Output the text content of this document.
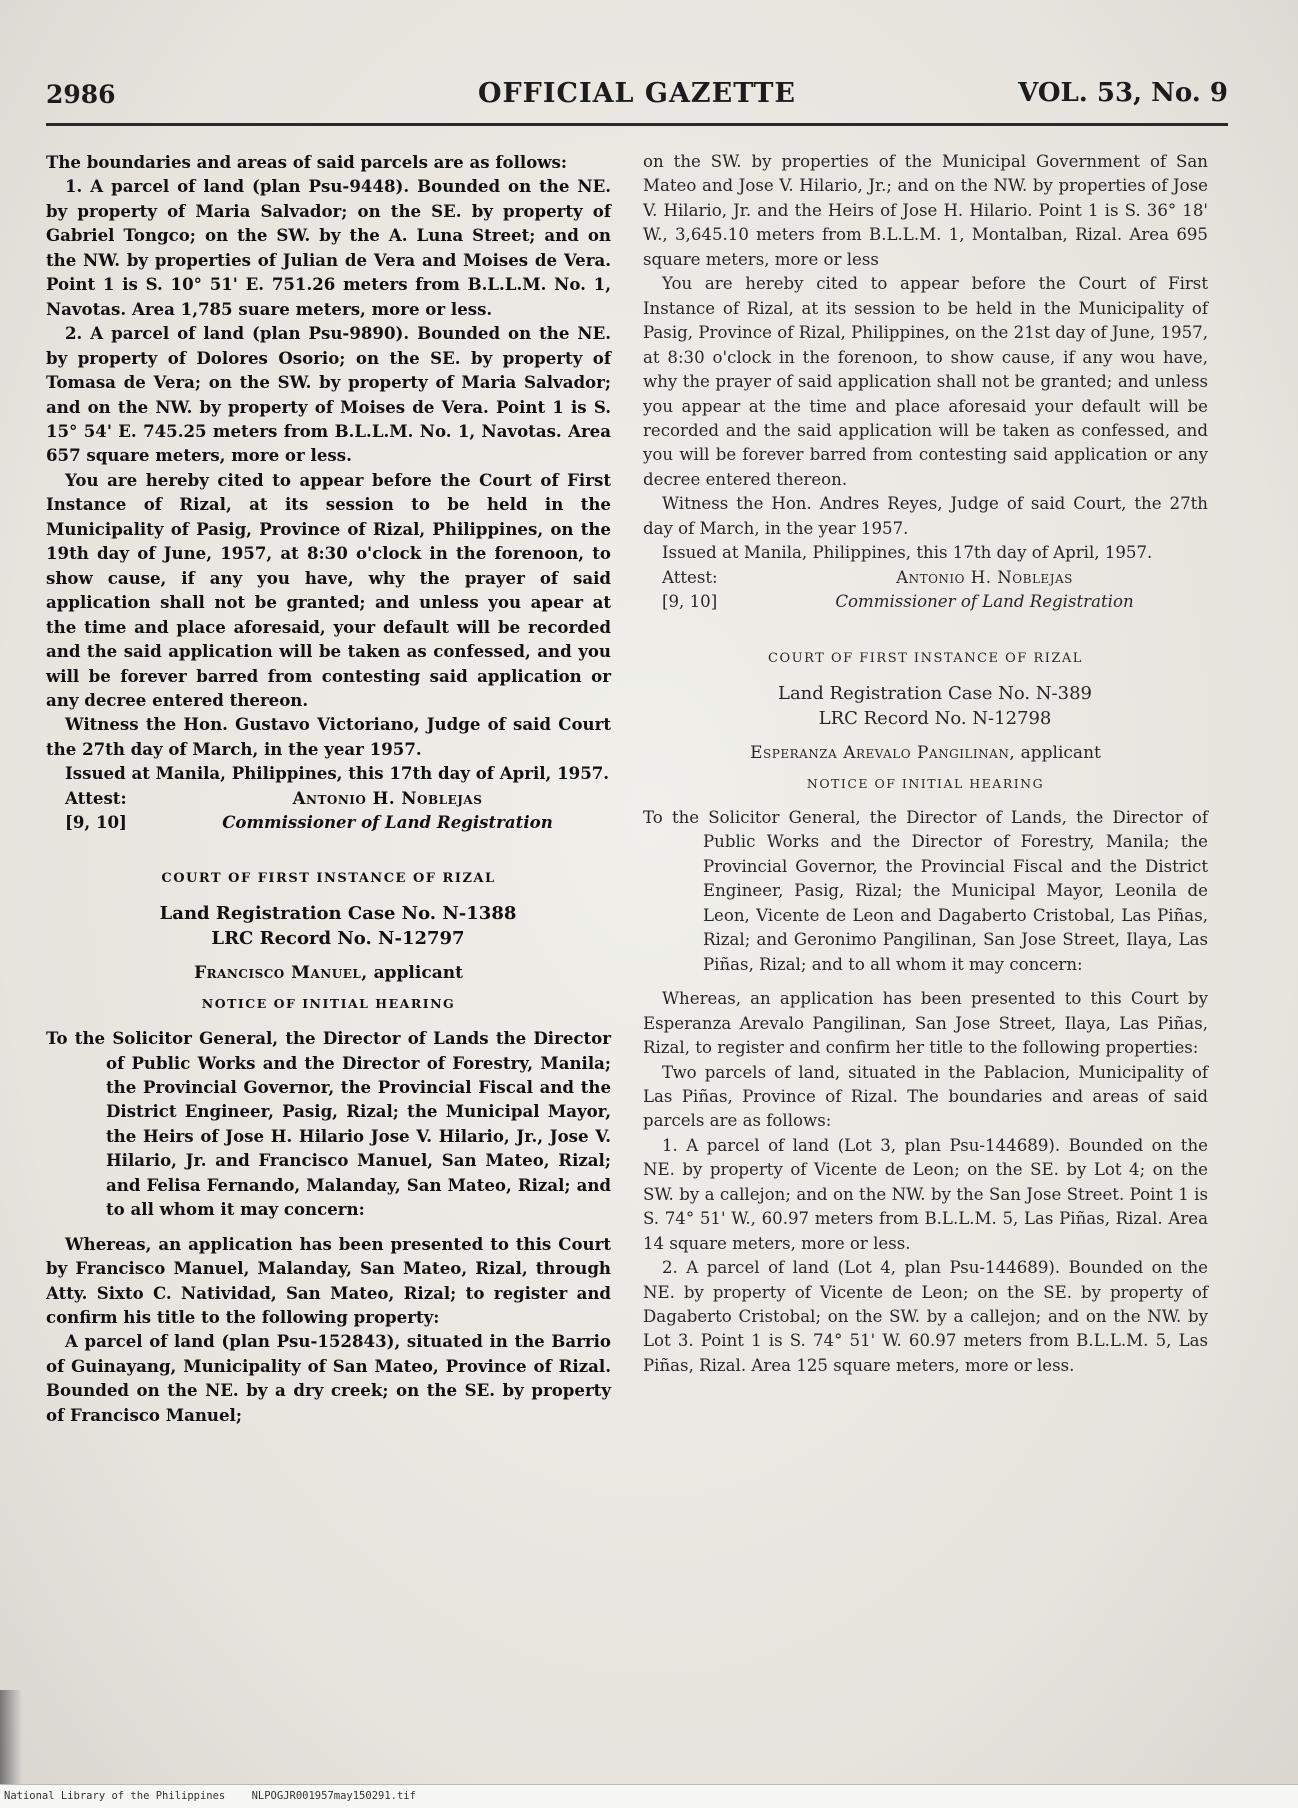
2986	OFFICIAL GAZETTE	VOL. 53, No. 9

The boundaries and areas of said parcels are as follows:

1. A parcel of land (plan Psu-9448). Bounded on the NE. by property of Maria Salvador; on the SE. by property of Gabriel Tongco; on the SW. by the A. Luna Street; and on the NW. by properties of Julian de Vera and Moises de Vera. Point 1 is S. 10° 51' E. 751.26 meters from B.L.L.M. No. 1, Navotas. Area 1,785 suare meters, more or less.

2. A parcel of land (plan Psu-9890). Bounded on the NE. by property of Dolores Osorio; on the SE. by property of Tomasa de Vera; on the SW. by property of Maria Salvador; and on the NW. by property of Moises de Vera. Point 1 is S. 15° 54' E. 745.25 meters from B.L.L.M. No. 1, Navotas. Area 657 square meters, more or less.

You are hereby cited to appear before the Court of First Instance of Rizal, at its session to be held in the Municipality of Pasig, Province of Rizal, Philippines, on the 19th day of June, 1957, at 8:30 o'clock in the forenoon, to show cause, if any you have, why the prayer of said application shall not be granted; and unless you apear at the time and place aforesaid, your default will be recorded and the said application will be taken as confessed, and you will be forever barred from contesting said application or any decree entered thereon.

Witness the Hon. Gustavo Victoriano, Judge of said Court the 27th day of March, in the year 1957.

Issued at Manila, Philippines, this 17th day of April, 1957.

Attest:	Antonio H. Noblejas
[9, 10]	Commissioner of Land Registration
COURT OF FIRST INSTANCE OF RIZAL

Land Registration Case No. N-1388

LRC Record No. N-12797

Francisco Manuel, applicant
NOTICE OF INITIAL HEARING

To the Solicitor General, the Director of Lands the Director of Public Works and the Director of Forestry, Manila; the Provincial Governor, the Provincial Fiscal and the District Engineer, Pasig, Rizal; the Municipal Mayor, the Heirs of Jose H. Hilario Jose V. Hilario, Jr., Jose V. Hilario, Jr. and Francisco Manuel, San Mateo, Rizal; and Felisa Fernando, Malanday, San Mateo, Rizal; and to all whom it may concern:

Whereas, an application has been presented to this Court by Francisco Manuel, Malanday, San Mateo, Rizal, through Atty. Sixto C. Natividad, San Mateo, Rizal; to register and confirm his title to the following property:

A parcel of land (plan Psu-152843), situated in the Barrio of Guinayang, Municipality of San Mateo, Province of Rizal. Bounded on the NE. by a dry creek; on the SE. by property of Francisco Manuel;

on the SW. by properties of the Municipal Government of San Mateo and Jose V. Hilario, Jr.; and on the NW. by properties of Jose V. Hilario, Jr. and the Heirs of Jose H. Hilario. Point 1 is S. 36° 18' W., 3,645.10 meters from B.L.L.M. 1, Montalban, Rizal. Area 695 square meters, more or less

You are hereby cited to appear before the Court of First Instance of Rizal, at its session to be held in the Municipality of Pasig, Province of Rizal, Philippines, on the 21st day of June, 1957, at 8:30 o'clock in the forenoon, to show cause, if any wou have, why the prayer of said application shall not be granted; and unless you appear at the time and place aforesaid your default will be recorded and the said application will be taken as confessed, and you will be forever barred from contesting said application or any decree entered thereon.

Witness the Hon. Andres Reyes, Judge of said Court, the 27th day of March, in the year 1957.

Issued at Manila, Philippines, this 17th day of April, 1957.

Attest:	Antonio H. Noblejas
[9, 10]	Commissioner of Land Registration
COURT OF FIRST INSTANCE OF RIZAL

Land Registration Case No. N-389

LRC Record No. N-12798

Esperanza Arevalo Pangilinan, applicant
NOTICE OF INITIAL HEARING

To the Solicitor General, the Director of Lands, the Director of Public Works and the Director of Forestry, Manila; the Provincial Governor, the Provincial Fiscal and the District Engineer, Pasig, Rizal; the Municipal Mayor, Leonila de Leon, Vicente de Leon and Dagaberto Cristobal, Las Piñas, Rizal; and Geronimo Pangilinan, San Jose Street, Ilaya, Las Piñas, Rizal; and to all whom it may concern:

Whereas, an application has been presented to this Court by Esperanza Arevalo Pangilinan, San Jose Street, Ilaya, Las Piñas, Rizal, to register and confirm her title to the following properties:

Two parcels of land, situated in the Pablacion, Municipality of Las Piñas, Province of Rizal. The boundaries and areas of said parcels are as follows:

1. A parcel of land (Lot 3, plan Psu-144689). Bounded on the NE. by property of Vicente de Leon; on the SE. by Lot 4; on the SW. by a callejon; and on the NW. by the San Jose Street. Point 1 is S. 74° 51' W., 60.97 meters from B.L.L.M. 5, Las Piñas, Rizal. Area 14 square meters, more or less.

2. A parcel of land (Lot 4, plan Psu-144689). Bounded on the NE. by property of Vicente de Leon; on the SE. by property of Dagaberto Cristobal; on the SW. by a callejon; and on the NW. by Lot 3. Point 1 is S. 74° 51' W. 60.97 meters from B.L.L.M. 5, Las Piñas, Rizal. Area 125 square meters, more or less.

National Library of the Philippines	NLPOGJR001957may150291.tif
